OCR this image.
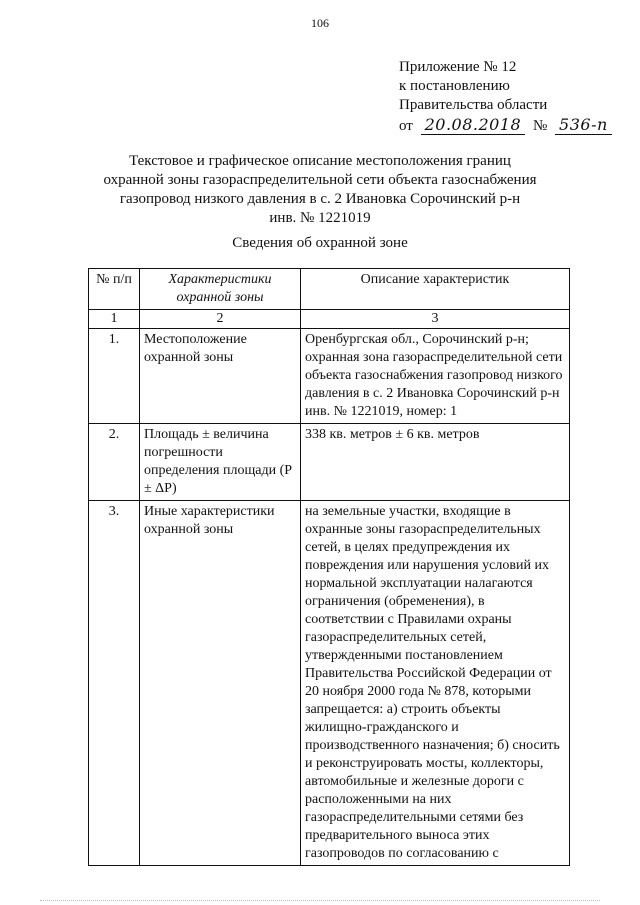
106
Приложение № 12
к постановлению
Правительства области
от 20.08.2018 № 536-п
Текстовое и графическое описание местоположения границ
охранной зоны газораспределительной сети объекта газоснабжения
газопровод низкого давления в с. 2 Ивановка Сорочинский р-н
инв. № 1221019
Сведения об охранной зоне
№ п/п	Характеристики охранной зоны	Описание характеристик
1	2	3
1.	Местоположение охранной зоны	Оренбургская обл., Сорочинский р-н; охранная зона газораспределительной сети объекта газоснабжения газопровод низкого давления в с. 2 Ивановка Сорочинский р-н инв. № 1221019, номер: 1
2.	Площадь ± величина погрешности определения площади (P ± ΔP)	338 кв. метров ± 6 кв. метров
3.	Иные характеристики охранной зоны	на земельные участки, входящие в охранные зоны газораспределительных сетей, в целях предупреждения их повреждения или нарушения условий их нормальной эксплуатации налагаются ограничения (обременения), в соответствии с Правилами охраны газораспределительных сетей, утвержденными постановлением Правительства Российской Федерации от 20 ноября 2000 года № 878, которыми запрещается: а) строить объекты жилищно-гражданского и производственного назначения; б) сносить и реконструировать мосты, коллекторы, автомобильные и железные дороги с расположенными на них газораспределительными сетями без предварительного выноса этих газопроводов по согласованию с
